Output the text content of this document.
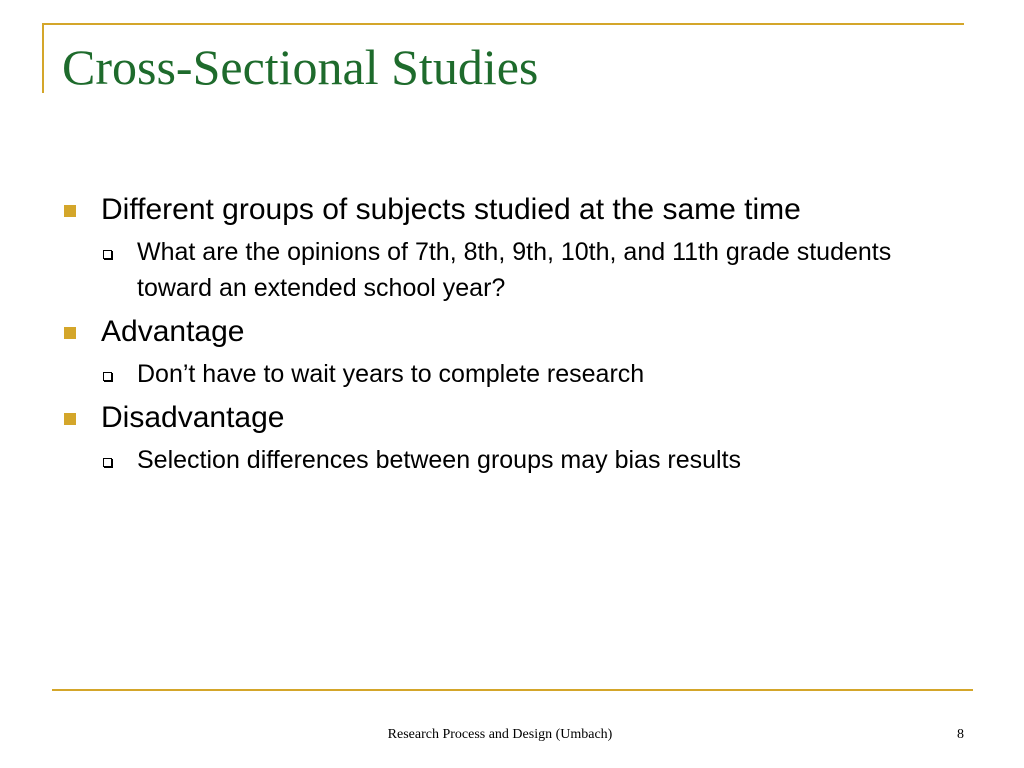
Cross-Sectional Studies
Different groups of subjects studied at the same time
What are the opinions of 7th, 8th, 9th, 10th, and 11th grade students toward an extended school year?
Advantage
Don’t have to wait years to complete research
Disadvantage
Selection differences between groups may bias results
Research Process and Design (Umbach)	8
